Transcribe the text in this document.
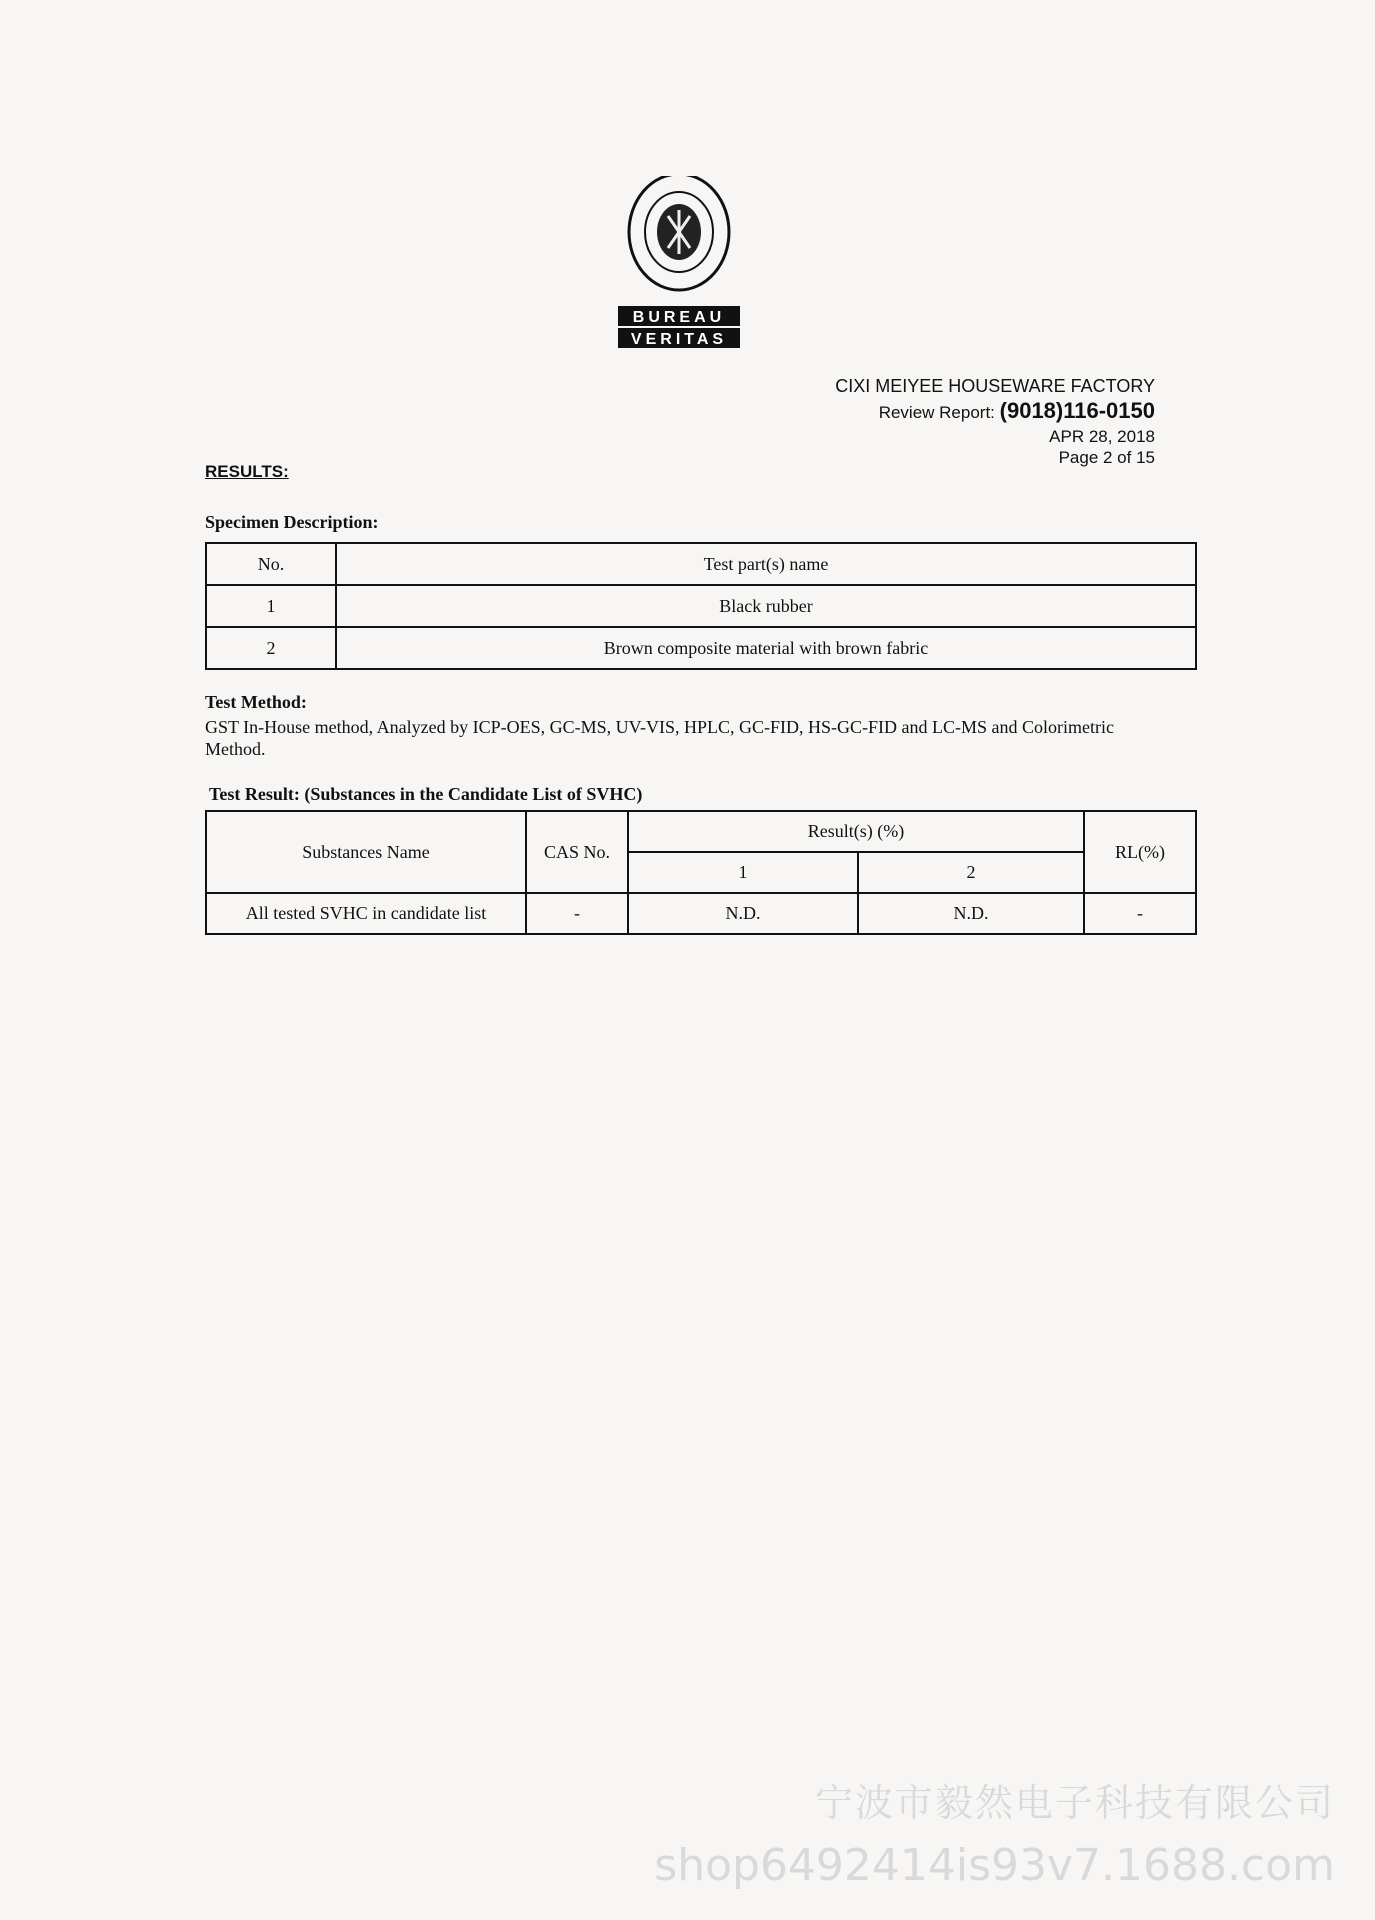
BUREAU
VERITAS
CIXI MEIYEE HOUSEWARE FACTORY
Review Report: (9018)116-0150
APR 28, 2018
Page 2 of 15
RESULTS:
Specimen Description:
No.	Test part(s) name
1	Black rubber
2	Brown composite material with brown fabric
Test Method:
GST In-House method, Analyzed by ICP-OES, GC-MS, UV-VIS, HPLC, GC-FID, HS-GC-FID and LC-MS and Colorimetric Method.
Test Result: (Substances in the Candidate List of SVHC)
Substances Name	CAS No.	Result(s) (%)		RL(%)
		1	2	
All tested SVHC in candidate list	-	N.D.	N.D.	-
宁波市毅然电子科技有限公司
shop6492414is93v7.1688.com
